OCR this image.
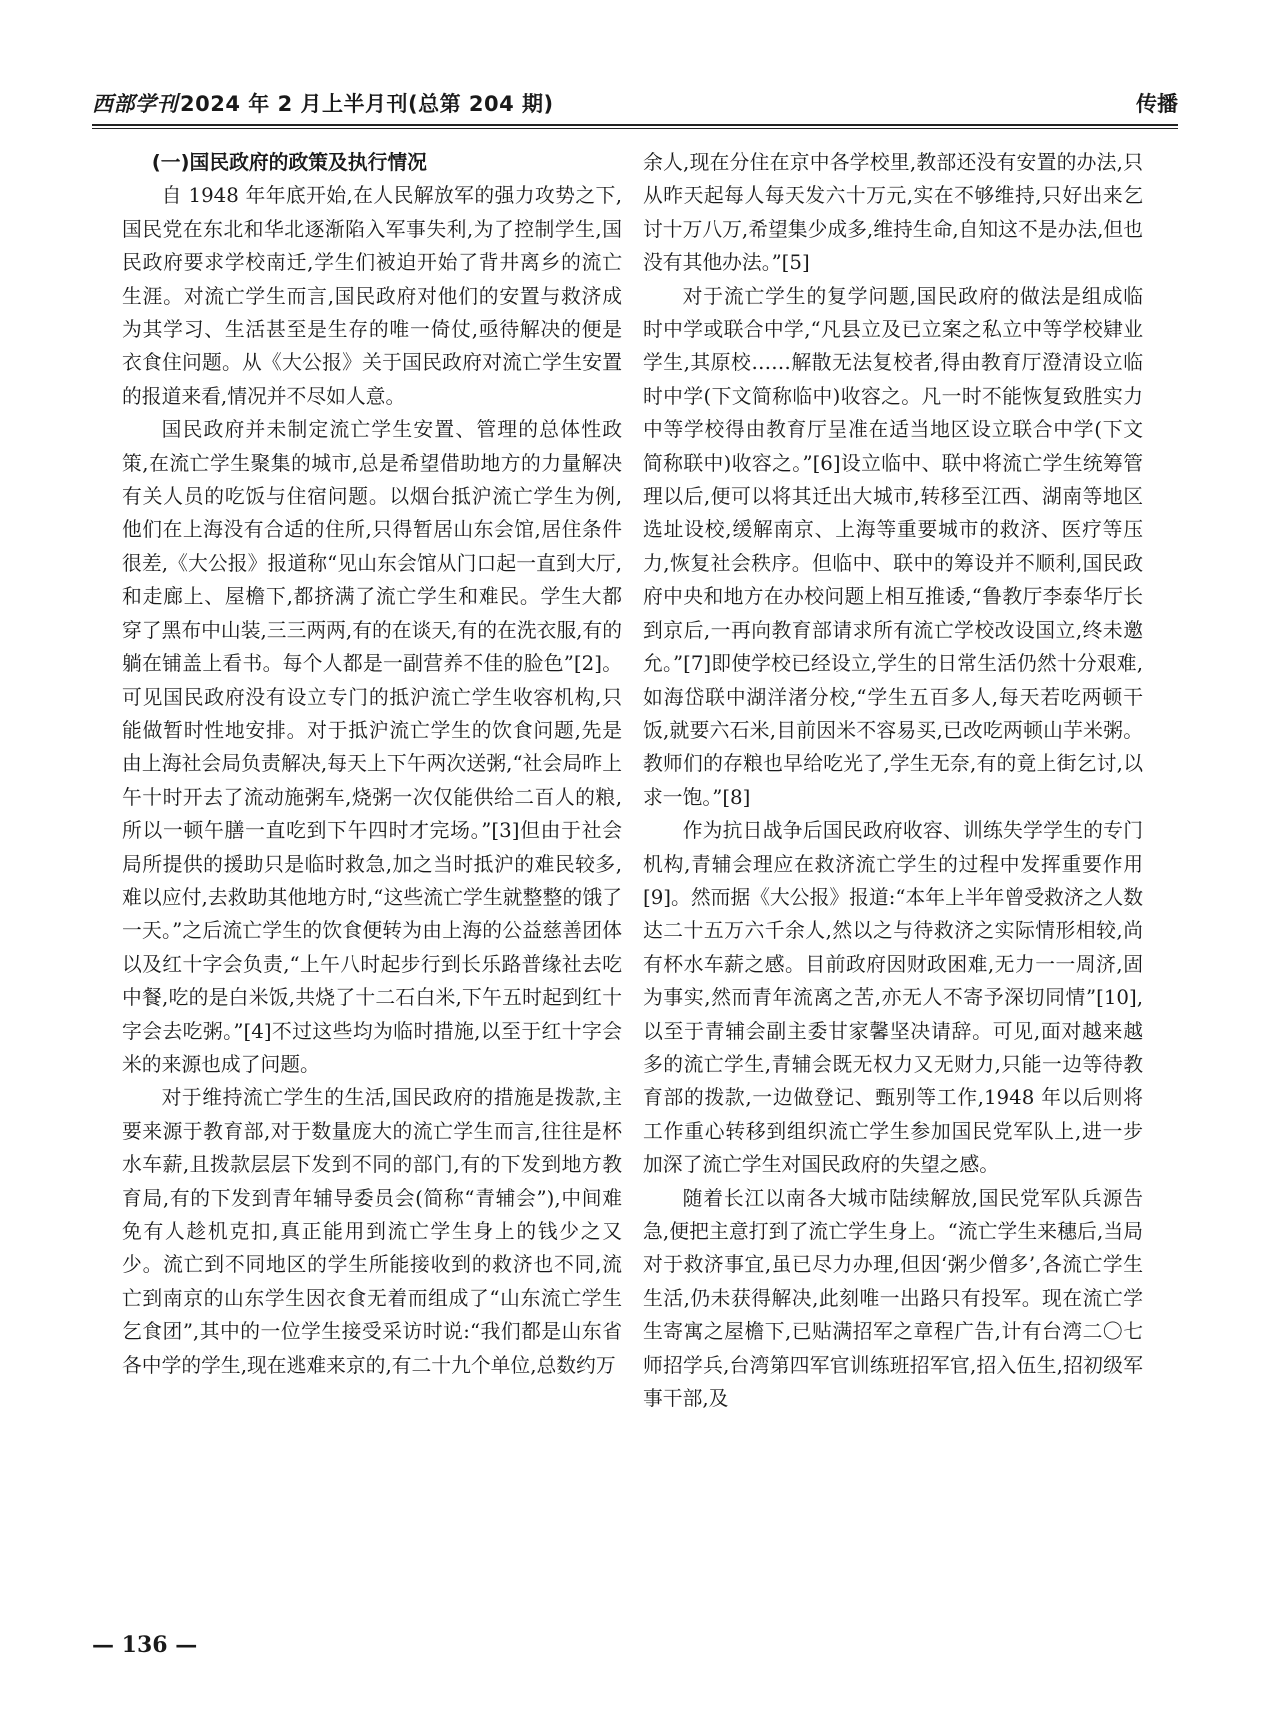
西部学刊2024 年 2 月上半月刊(总第 204 期)	传播
(一)国民政府的政策及执行情况

自 1948 年年底开始,在人民解放军的强力攻势之下,国民党在东北和华北逐渐陷入军事失利,为了控制学生,国民政府要求学校南迁,学生们被迫开始了背井离乡的流亡生涯。对流亡学生而言,国民政府对他们的安置与救济成为其学习、生活甚至是生存的唯一倚仗,亟待解决的便是衣食住问题。从《大公报》关于国民政府对流亡学生安置的报道来看,情况并不尽如人意。

国民政府并未制定流亡学生安置、管理的总体性政策,在流亡学生聚集的城市,总是希望借助地方的力量解决有关人员的吃饭与住宿问题。以烟台抵沪流亡学生为例,他们在上海没有合适的住所,只得暂居山东会馆,居住条件很差,《大公报》报道称“见山东会馆从门口起一直到大厅,和走廊上、屋檐下,都挤满了流亡学生和难民。学生大都穿了黑布中山装,三三两两,有的在谈天,有的在洗衣服,有的躺在铺盖上看书。每个人都是一副营养不佳的脸色”[2]。可见国民政府没有设立专门的抵沪流亡学生收容机构,只能做暂时性地安排。对于抵沪流亡学生的饮食问题,先是由上海社会局负责解决,每天上下午两次送粥,“社会局昨上午十时开去了流动施粥车,烧粥一次仅能供给二百人的粮,所以一顿午膳一直吃到下午四时才完场。”[3]但由于社会局所提供的援助只是临时救急,加之当时抵沪的难民较多,难以应付,去救助其他地方时,“这些流亡学生就整整的饿了一天。”之后流亡学生的饮食便转为由上海的公益慈善团体以及红十字会负责,“上午八时起步行到长乐路普缘社去吃中餐,吃的是白米饭,共烧了十二石白米,下午五时起到红十字会去吃粥。”[4]不过这些均为临时措施,以至于红十字会米的来源也成了问题。

对于维持流亡学生的生活,国民政府的措施是拨款,主要来源于教育部,对于数量庞大的流亡学生而言,往往是杯水车薪,且拨款层层下发到不同的部门,有的下发到地方教育局,有的下发到青年辅导委员会(简称“青辅会”),中间难免有人趁机克扣,真正能用到流亡学生身上的钱少之又少。流亡到不同地区的学生所能接收到的救济也不同,流亡到南京的山东学生因衣食无着而组成了“山东流亡学生乞食团”,其中的一位学生接受采访时说:“我们都是山东省各中学的学生,现在逃难来京的,有二十九个单位,总数约万

余人,现在分住在京中各学校里,教部还没有安置的办法,只从昨天起每人每天发六十万元,实在不够维持,只好出来乞讨十万八万,希望集少成多,维持生命,自知这不是办法,但也没有其他办法。”[5]

对于流亡学生的复学问题,国民政府的做法是组成临时中学或联合中学,“凡县立及已立案之私立中等学校肄业学生,其原校……解散无法复校者,得由教育厅澄清设立临时中学(下文简称临中)收容之。凡一时不能恢复致胜实力中等学校得由教育厅呈准在适当地区设立联合中学(下文简称联中)收容之。”[6]设立临中、联中将流亡学生统筹管理以后,便可以将其迁出大城市,转移至江西、湖南等地区选址设校,缓解南京、上海等重要城市的救济、医疗等压力,恢复社会秩序。但临中、联中的筹设并不顺利,国民政府中央和地方在办校问题上相互推诿,“鲁教厅李泰华厅长到京后,一再向教育部请求所有流亡学校改设国立,终未邀允。”[7]即使学校已经设立,学生的日常生活仍然十分艰难,如海岱联中湖洋渚分校,“学生五百多人,每天若吃两顿干饭,就要六石米,目前因米不容易买,已改吃两顿山芋米粥。教师们的存粮也早给吃光了,学生无奈,有的竟上街乞讨,以求一饱。”[8]

作为抗日战争后国民政府收容、训练失学学生的专门机构,青辅会理应在救济流亡学生的过程中发挥重要作用[9]。然而据《大公报》报道:“本年上半年曾受救济之人数达二十五万六千余人,然以之与待救济之实际情形相较,尚有杯水车薪之感。目前政府因财政困难,无力一一周济,固为事实,然而青年流离之苦,亦无人不寄予深切同情”[10],以至于青辅会副主委甘家馨坚决请辞。可见,面对越来越多的流亡学生,青辅会既无权力又无财力,只能一边等待教育部的拨款,一边做登记、甄别等工作,1948 年以后则将工作重心转移到组织流亡学生参加国民党军队上,进一步加深了流亡学生对国民政府的失望之感。

随着长江以南各大城市陆续解放,国民党军队兵源告急,便把主意打到了流亡学生身上。“流亡学生来穗后,当局对于救济事宜,虽已尽力办理,但因‘粥少僧多’,各流亡学生生活,仍未获得解决,此刻唯一出路只有投军。现在流亡学生寄寓之屋檐下,已贴满招军之章程广告,计有台湾二〇七师招学兵,台湾第四军官训练班招军官,招入伍生,招初级军事干部,及

— 136 —
